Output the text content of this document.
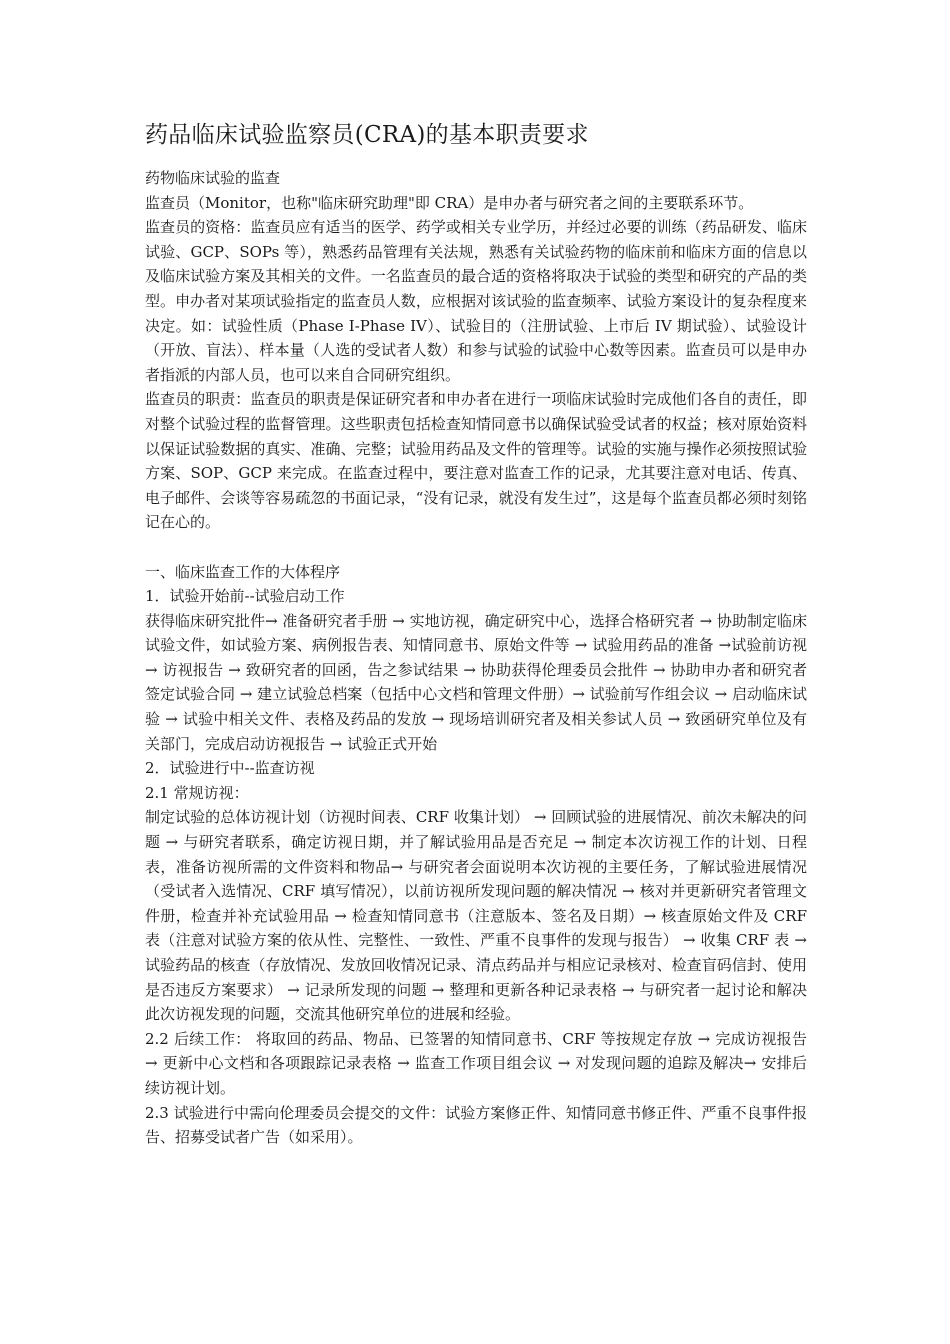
药品临床试验监察员(CRA)的基本职责要求

药物临床试验的监查

监查员（Monitor，也称"临床研究助理"即 CRA）是申办者与研究者之间的主要联系环节。

监查员的资格：监查员应有适当的医学、药学或相关专业学历，并经过必要的训练（药品研发、临床试验、GCP、SOPs 等），熟悉药品管理有关法规，熟悉有关试验药物的临床前和临床方面的信息以及临床试验方案及其相关的文件。一名监查员的最合适的资格将取决于试验的类型和研究的产品的类型。申办者对某项试验指定的监查员人数，应根据对该试验的监查频率、试验方案设计的复杂程度来决定。如：试验性质（Phase I-Phase IV）、试验目的（注册试验、上市后 IV 期试验）、试验设计（开放、盲法）、样本量（人选的受试者人数）和参与试验的试验中心数等因素。监查员可以是申办者指派的内部人员，也可以来自合同研究组织。

监查员的职责：监查员的职责是保证研究者和申办者在进行一项临床试验时完成他们各自的责任，即对整个试验过程的监督管理。这些职责包括检查知情同意书以确保试验受试者的权益；核对原始资料以保证试验数据的真实、准确、完整；试验用药品及文件的管理等。试验的实施与操作必须按照试验方案、SOP、GCP 来完成。在监查过程中，要注意对监查工作的记录，尤其要注意对电话、传真、电子邮件、会谈等容易疏忽的书面记录，“没有记录，就没有发生过”，这是每个监查员都必须时刻铭记在心的。

一、临床监查工作的大体程序

1．试验开始前--试验启动工作

获得临床研究批件→ 准备研究者手册 → 实地访视，确定研究中心，选择合格研究者 → 协助制定临床试验文件，如试验方案、病例报告表、知情同意书、原始文件等 → 试验用药品的准备 →试验前访视 → 访视报告 → 致研究者的回函，告之参试结果 → 协助获得伦理委员会批件 → 协助申办者和研究者签定试验合同 → 建立试验总档案（包括中心文档和管理文件册）→ 试验前写作组会议 → 启动临床试验 → 试验中相关文件、表格及药品的发放 → 现场培训研究者及相关参试人员 → 致函研究单位及有关部门，完成启动访视报告 → 试验正式开始

2．试验进行中--监查访视

2.1 常规访视：

制定试验的总体访视计划（访视时间表、CRF 收集计划） → 回顾试验的进展情况、前次未解决的问题 → 与研究者联系，确定访视日期，并了解试验用品是否充足 → 制定本次访视工作的计划、日程表，准备访视所需的文件资料和物品→ 与研究者会面说明本次访视的主要任务，了解试验进展情况（受试者入选情况、CRF 填写情况），以前访视所发现问题的解决情况 → 核对并更新研究者管理文件册，检查并补充试验用品 → 检查知情同意书（注意版本、签名及日期）→ 核查原始文件及 CRF 表（注意对试验方案的依从性、完整性、一致性、严重不良事件的发现与报告） → 收集 CRF 表 → 试验药品的核查（存放情况、发放回收情况记录、清点药品并与相应记录核对、检查盲码信封、使用是否违反方案要求） → 记录所发现的问题 → 整理和更新各种记录表格 → 与研究者一起讨论和解决此次访视发现的问题，交流其他研究单位的进展和经验。

2.2 后续工作： 将取回的药品、物品、已签署的知情同意书、CRF 等按规定存放 → 完成访视报告 → 更新中心文档和各项跟踪记录表格 → 监查工作项目组会议 → 对发现问题的追踪及解决→ 安排后续访视计划。

2.3 试验进行中需向伦理委员会提交的文件：试验方案修正件、知情同意书修正件、严重不良事件报告、招募受试者广告（如采用）。
